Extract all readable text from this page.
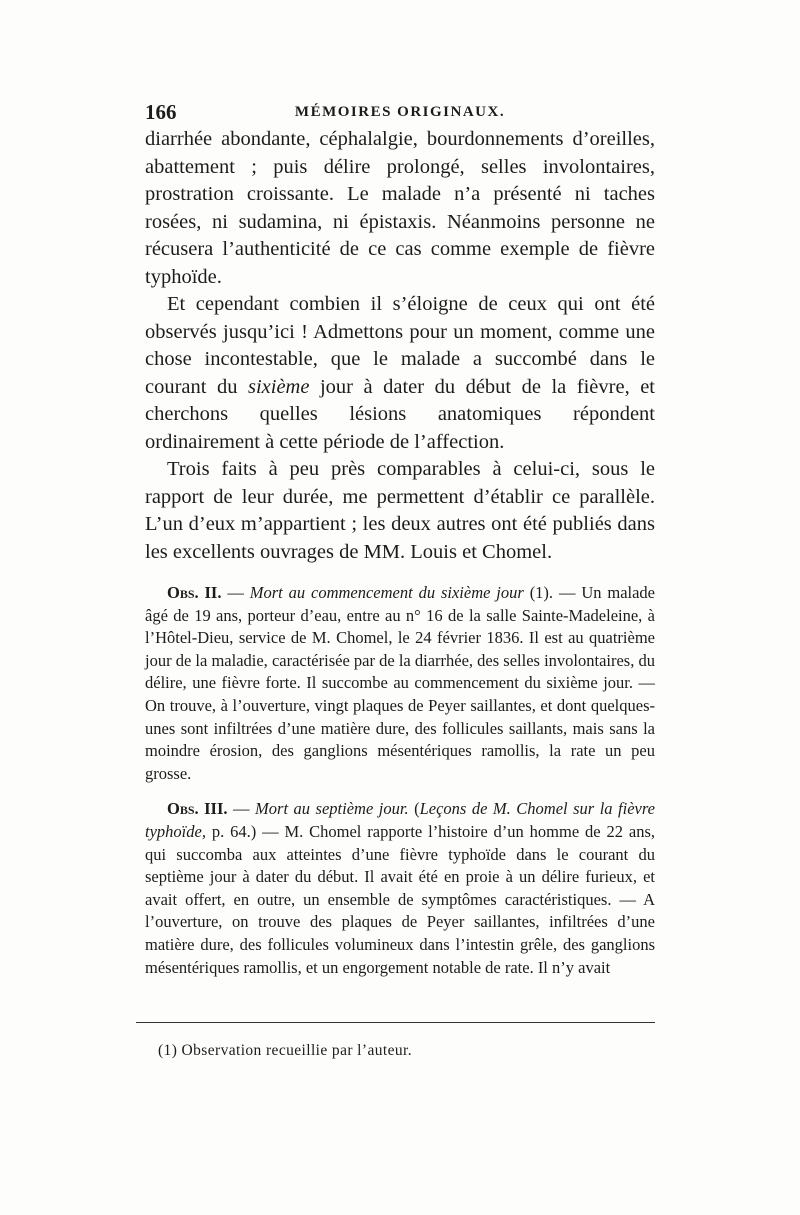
166	MÉMOIRES ORIGINAUX.

diarrhée abondante, céphalalgie, bourdonnements d’oreilles, abattement ; puis délire prolongé, selles involontaires, prostration croissante. Le malade n’a présenté ni taches rosées, ni sudamina, ni épistaxis. Néanmoins personne ne récusera l’authenticité de ce cas comme exemple de fièvre typhoïde.

Et cependant combien il s’éloigne de ceux qui ont été observés jusqu’ici ! Admettons pour un moment, comme une chose incontestable, que le malade a succombé dans le courant du sixième jour à dater du début de la fièvre, et cherchons quelles lésions anatomiques répondent ordinairement à cette période de l’affection.

Trois faits à peu près comparables à celui-ci, sous le rapport de leur durée, me permettent d’établir ce parallèle. L’un d’eux m’appartient ; les deux autres ont été publiés dans les excellents ouvrages de MM. Louis et Chomel.

Obs. II. — Mort au commencement du sixième jour (1). — Un malade âgé de 19 ans, porteur d’eau, entre au n° 16 de la salle Sainte-Madeleine, à l’Hôtel-Dieu, service de M. Chomel, le 24 février 1836. Il est au quatrième jour de la maladie, caractérisée par de la diarrhée, des selles involontaires, du délire, une fièvre forte. Il succombe au commencement du sixième jour. — On trouve, à l’ouverture, vingt plaques de Peyer saillantes, et dont quelques-unes sont infiltrées d’une matière dure, des follicules saillants, mais sans la moindre érosion, des ganglions mésentériques ramollis, la rate un peu grosse.

Obs. III. — Mort au septième jour. (Leçons de M. Chomel sur la fièvre typhoïde, p. 64.) — M. Chomel rapporte l’histoire d’un homme de 22 ans, qui succomba aux atteintes d’une fièvre typhoïde dans le courant du septième jour à dater du début. Il avait été en proie à un délire furieux, et avait offert, en outre, un ensemble de symptômes caractéristiques. — A l’ouverture, on trouve des plaques de Peyer saillantes, infiltrées d’une matière dure, des follicules volumineux dans l’intestin grêle, des ganglions mésentériques ramollis, et un engorgement notable de rate. Il n’y avait

(1) Observation recueillie par l’auteur.
